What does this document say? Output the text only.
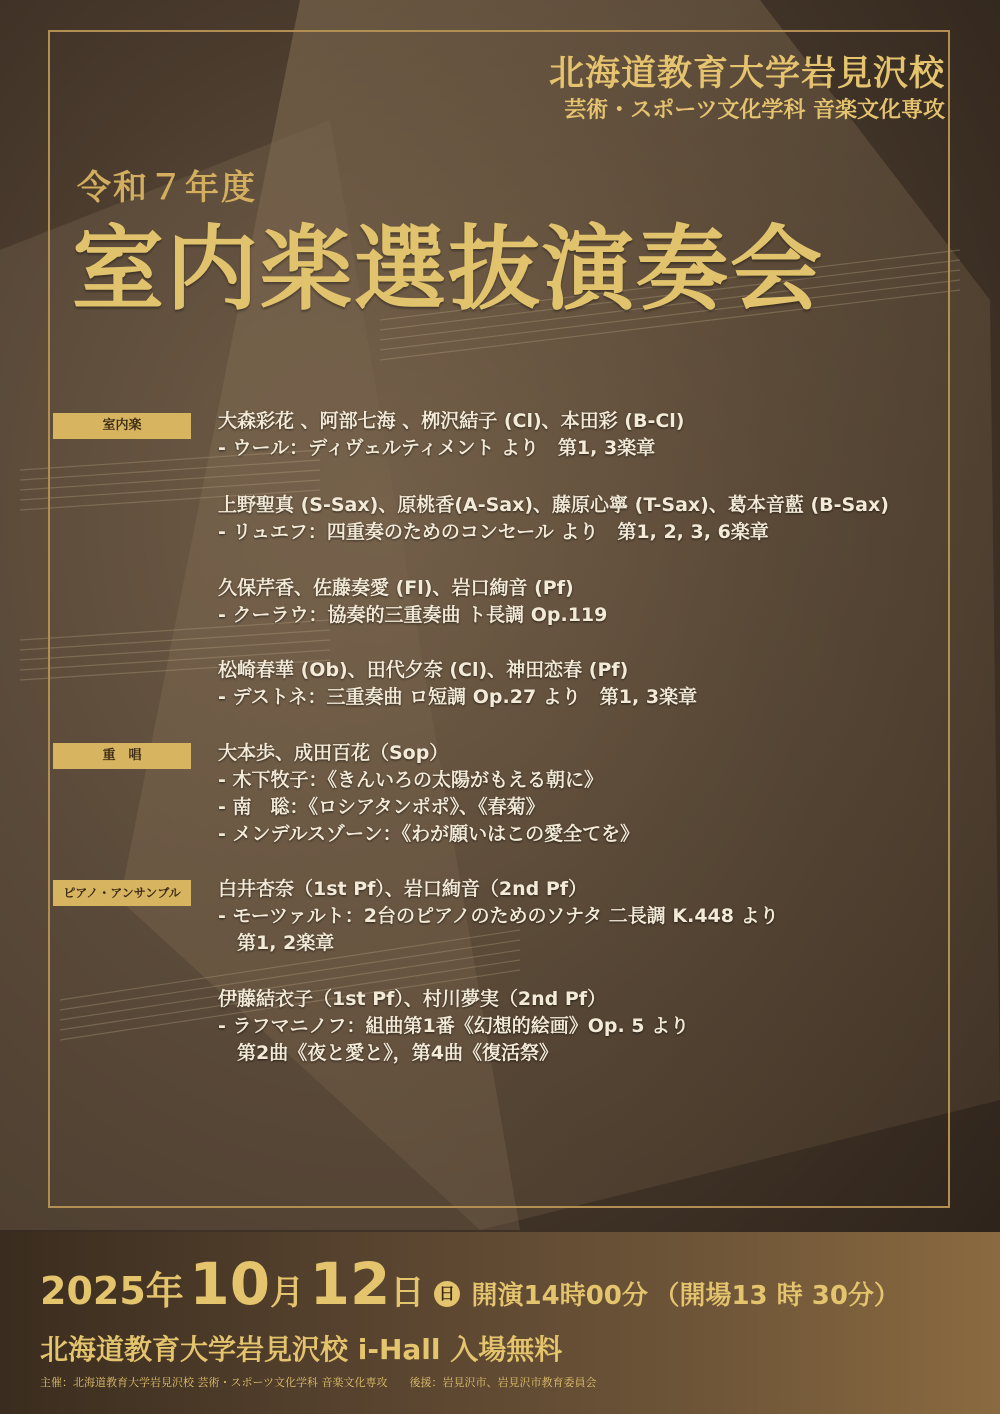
北海道教育大学岩見沢校
芸術・スポーツ文化学科 音楽文化専攻
令和７年度
室内楽選抜演奏会
室内楽
重　唱
ピアノ・アンサンブル
大森彩花 、阿部七海 、栁沢結子 (Cl)、本田彩 (B-Cl)
- ウール：ディヴェルティメント より　第1, 3楽章
上野聖真 (S-Sax)、原桃香(A-Sax)、藤原心寧 (T-Sax)、葛本音藍 (B-Sax)
- リュエフ：四重奏のためのコンセール より　第1, 2, 3, 6楽章
久保芹香、佐藤奏愛 (Fl)、岩口絢音 (Pf)
- クーラウ：協奏的三重奏曲 ト長調 Op.119
松崎春華 (Ob)、田代夕奈 (Cl)、神田恋春 (Pf)
- デストネ：三重奏曲 ロ短調 Op.27 より　第1, 3楽章
大本歩、成田百花（Sop）
- 木下牧子：《きんいろの太陽がもえる朝に》
- 南　聡：《ロシアタンポポ》、《春菊》
- メンデルスゾーン：《わが願いはこの愛全てを》
白井杏奈（1st Pf）、岩口絢音（2nd Pf）
- モーツァルト：2台のピアノのためのソナタ 二長調 K.448 より
　第1, 2楽章
伊藤結衣子（1st Pf）、村川夢実（2nd Pf）
- ラフマニノフ：組曲第1番《幻想的絵画》Op. 5 より
　第2曲《夜と愛と》，第4曲《復活祭》
2025年 10月 12日 日 開演14時00分 （開場13 時 30分）
北海道教育大学岩見沢校 i-Hall 入場無料
主催：北海道教育大学岩見沢校 芸術・スポーツ文化学科 音楽文化専攻　　後援：岩見沢市、岩見沢市教育委員会
